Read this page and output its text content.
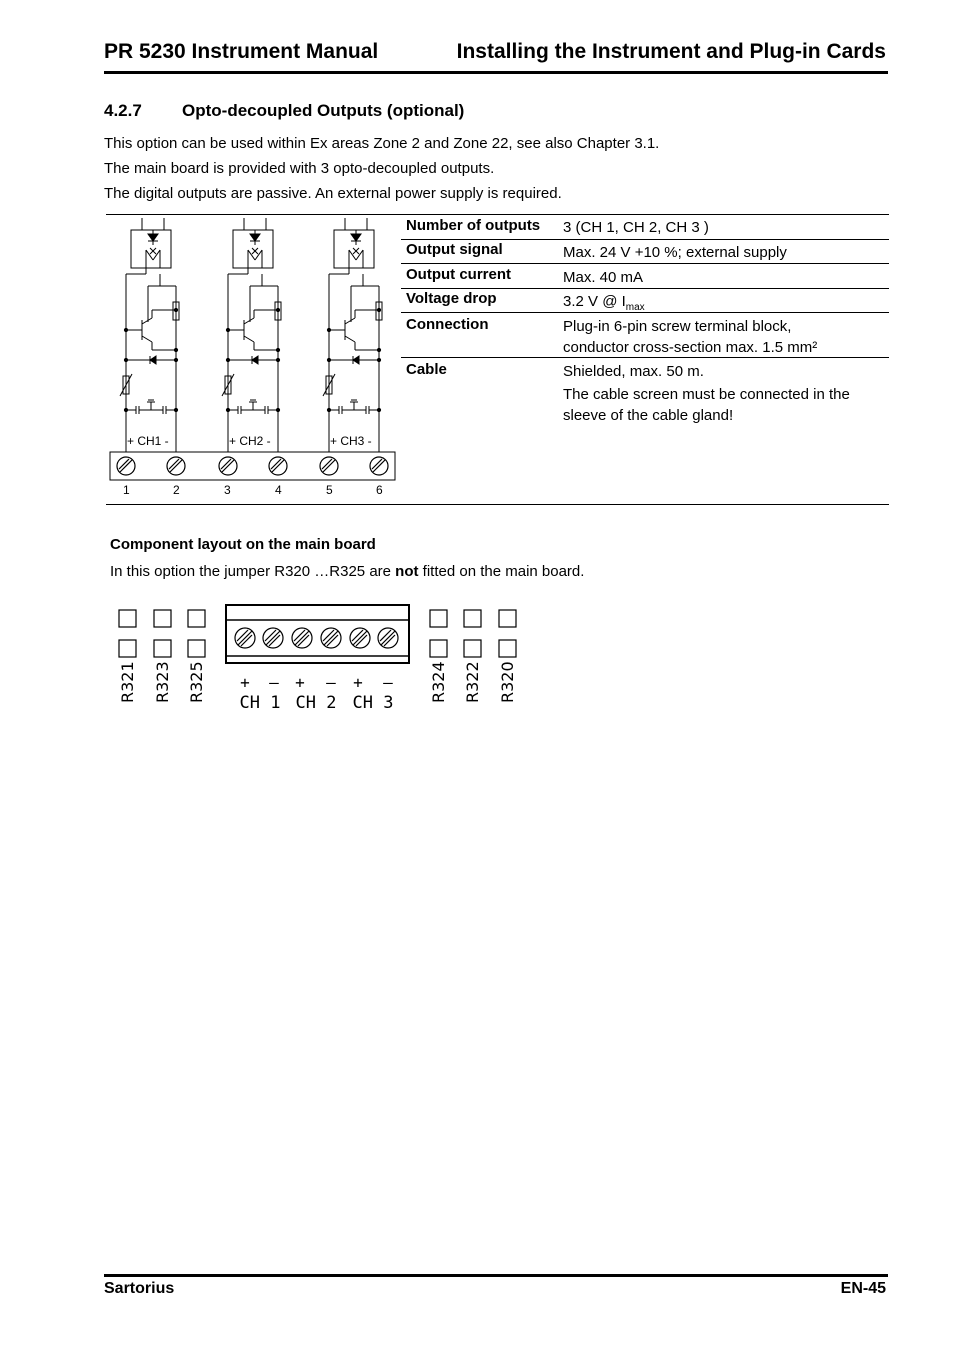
PR 5230 Instrument Manual	Installing the Instrument and Plug-in Cards
4.2.7 Opto-decoupled Outputs (optional)
This option can be used within Ex areas Zone 2 and Zone 22, see also Chapter 3.1.
The main board is provided with 3 opto-decoupled outputs.
The digital outputs are passive. An external power supply is required.
Number of outputs 3 (CH 1, CH 2, CH 3 )
Output signal	Max. 24 V +10 %; external supply
Output current	Max. 40 mA
Voltage drop	3.2 V @ $I_{max}$
Connection	Plug-in 6-pin screw terminal block,
conductor cross-section max. 1.5 mm²
Cable	Shielded, max. 50 m.
The cable screen must be connected in the sleeve of the cable gland!
+ CH1 -	+ CH2 -	+ CH3 -
1	2	3	4	5	6
Component layout on the main board
In this option the jumper R320 …R325 are not fitted on the main board.
R321 R323 R325	R324 R322 R320
+ — + — + —
CH 1 CH 2 CH 3
Sartorius	EN-45
